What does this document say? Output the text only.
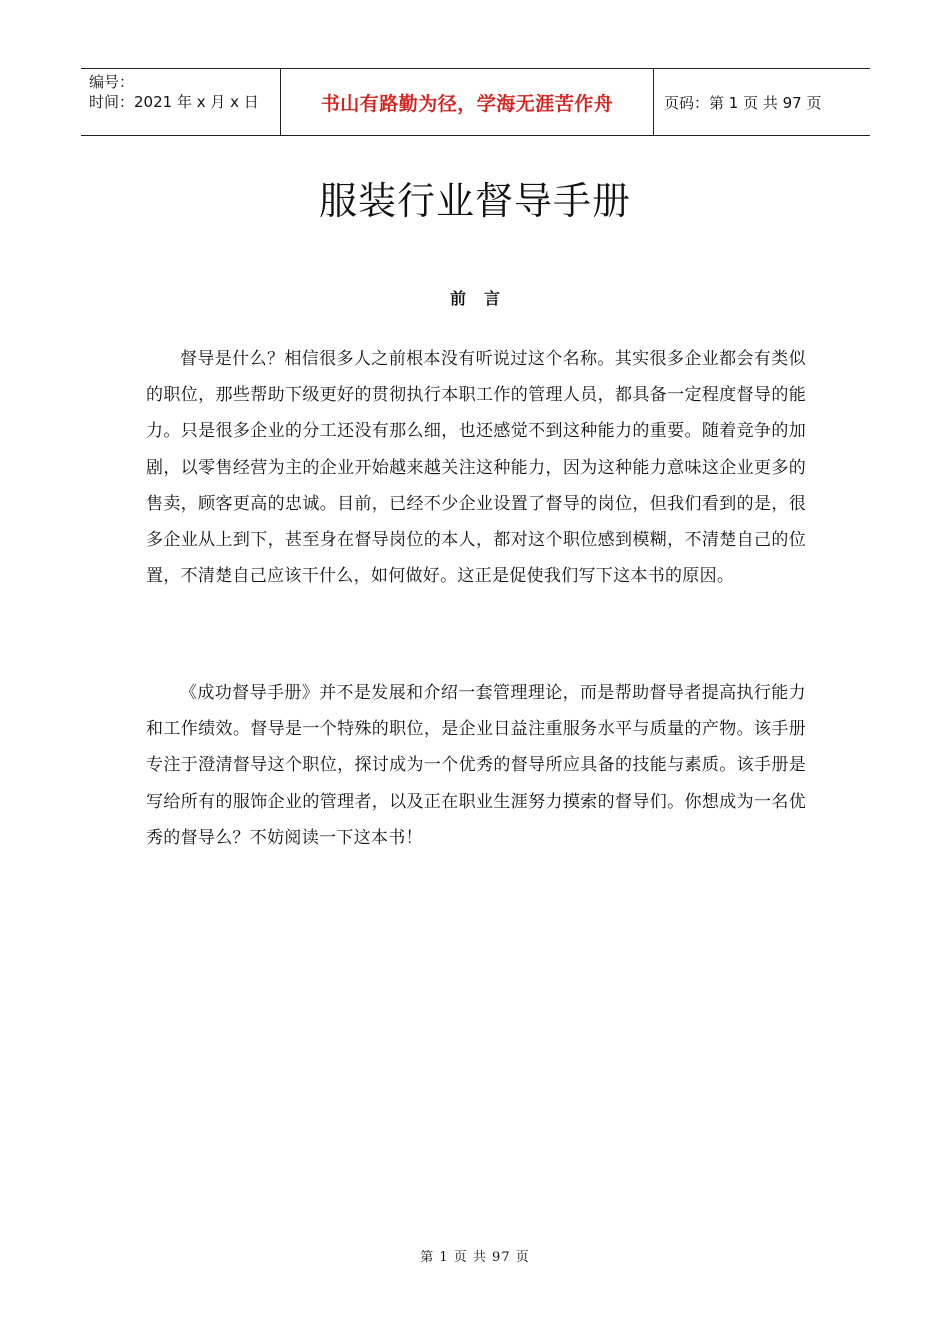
编号：
时间：2021 年 x 月 x 日	书山有路勤为径，学海无涯苦作舟	页码：第 1 页 共 97 页
服装行业督导手册
前言

督导是什么？相信很多人之前根本没有听说过这个名称。其实很多企业都会有类似的职位，那些帮助下级更好的贯彻执行本职工作的管理人员，都具备一定程度督导的能力。只是很多企业的分工还没有那么细，也还感觉不到这种能力的重要。随着竞争的加剧，以零售经营为主的企业开始越来越关注这种能力，因为这种能力意味这企业更多的售卖，顾客更高的忠诚。目前，已经不少企业设置了督导的岗位，但我们看到的是，很多企业从上到下，甚至身在督导岗位的本人，都对这个职位感到模糊，不清楚自己的位置，不清楚自己应该干什么，如何做好。这正是促使我们写下这本书的原因。

《成功督导手册》并不是发展和介绍一套管理理论，而是帮助督导者提高执行能力和工作绩效。督导是一个特殊的职位，是企业日益注重服务水平与质量的产物。该手册专注于澄清督导这个职位，探讨成为一个优秀的督导所应具备的技能与素质。该手册是写给所有的服饰企业的管理者，以及正在职业生涯努力摸索的督导们。你想成为一名优秀的督导么？不妨阅读一下这本书！

第 1 页 共 97 页
